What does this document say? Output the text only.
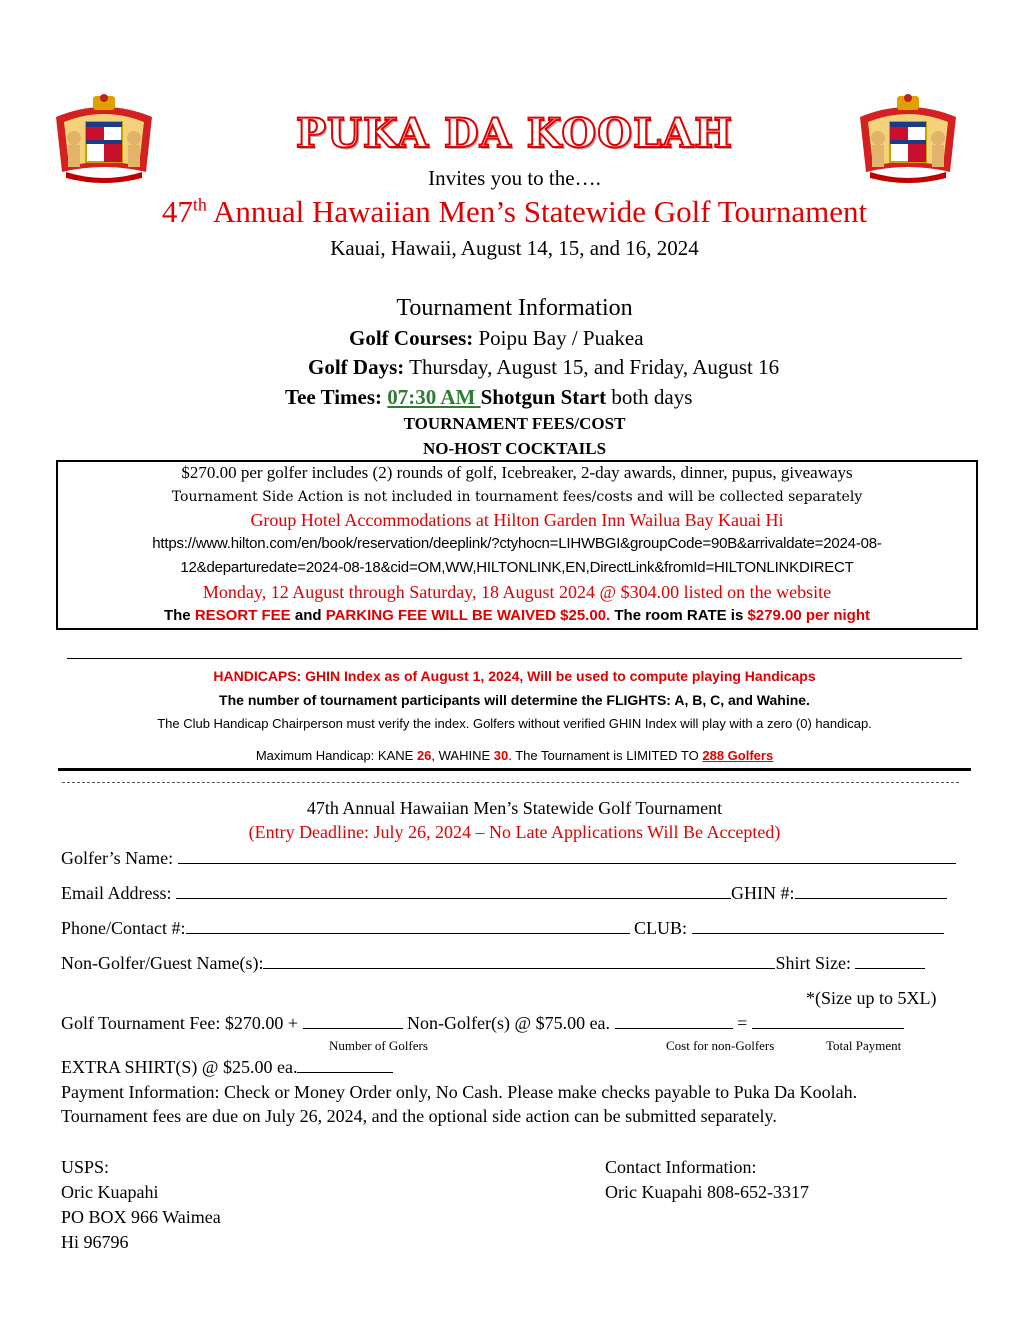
PUKA DA KOOLAH
Invites you to the….
47th Annual Hawaiian Men’s Statewide Golf Tournament
Kauai, Hawaii, August 14, 15, and 16, 2024
Tournament Information
Golf Courses: Poipu Bay / Puakea
Golf Days: Thursday, August 15, and Friday, August 16
Tee Times: 07:30 AM Shotgun Start both days
TOURNAMENT FEES/COST
NO-HOST COCKTAILS
$270.00 per golfer includes (2) rounds of golf, Icebreaker, 2-day awards, dinner, pupus, giveaways
Tournament Side Action is not included in tournament fees/costs and will be collected separately
Group Hotel Accommodations at Hilton Garden Inn Wailua Bay Kauai Hi
https://www.hilton.com/en/book/reservation/deeplink/?ctyhocn=LIHWBGI&groupCode=90B&arrivaldate=2024-08-
12&departuredate=2024-08-18&cid=OM,WW,HILTONLINK,EN,DirectLink&fromId=HILTONLINKDIRECT
Monday, 12 August through Saturday, 18 August 2024 @ $304.00 listed on the website
The RESORT FEE and PARKING FEE WILL BE WAIVED $25.00. The room RATE is $279.00 per night
HANDICAPS: GHIN Index as of August 1, 2024, Will be used to compute playing Handicaps
The number of tournament participants will determine the FLIGHTS: A, B, C, and Wahine.
The Club Handicap Chairperson must verify the index. Golfers without verified GHIN Index will play with a zero (0) handicap.
Maximum Handicap: KANE 26, WAHINE 30. The Tournament is LIMITED TO 288 Golfers
47th Annual Hawaiian Men’s Statewide Golf Tournament
(Entry Deadline: July 26, 2024 – No Late Applications Will Be Accepted)
Golfer’s Name:
Email Address:	GHIN #:
Phone/Contact #:	CLUB:
Non-Golfer/Guest Name(s):	Shirt Size:
*(Size up to 5XL)
Golf Tournament Fee: $270.00 +	Non-Golfer(s) @ $75.00 ea.	=
Number of Golfers	Cost for non-Golfers	Total Payment
EXTRA SHIRT(S) @ $25.00 ea.
Payment Information: Check or Money Order only, No Cash. Please make checks payable to Puka Da Koolah.
Tournament fees are due on July 26, 2024, and the optional side action can be submitted separately.
USPS:
Oric Kuapahi
PO BOX 966 Waimea
Hi 96796
Contact Information:
Oric Kuapahi 808-652-3317
